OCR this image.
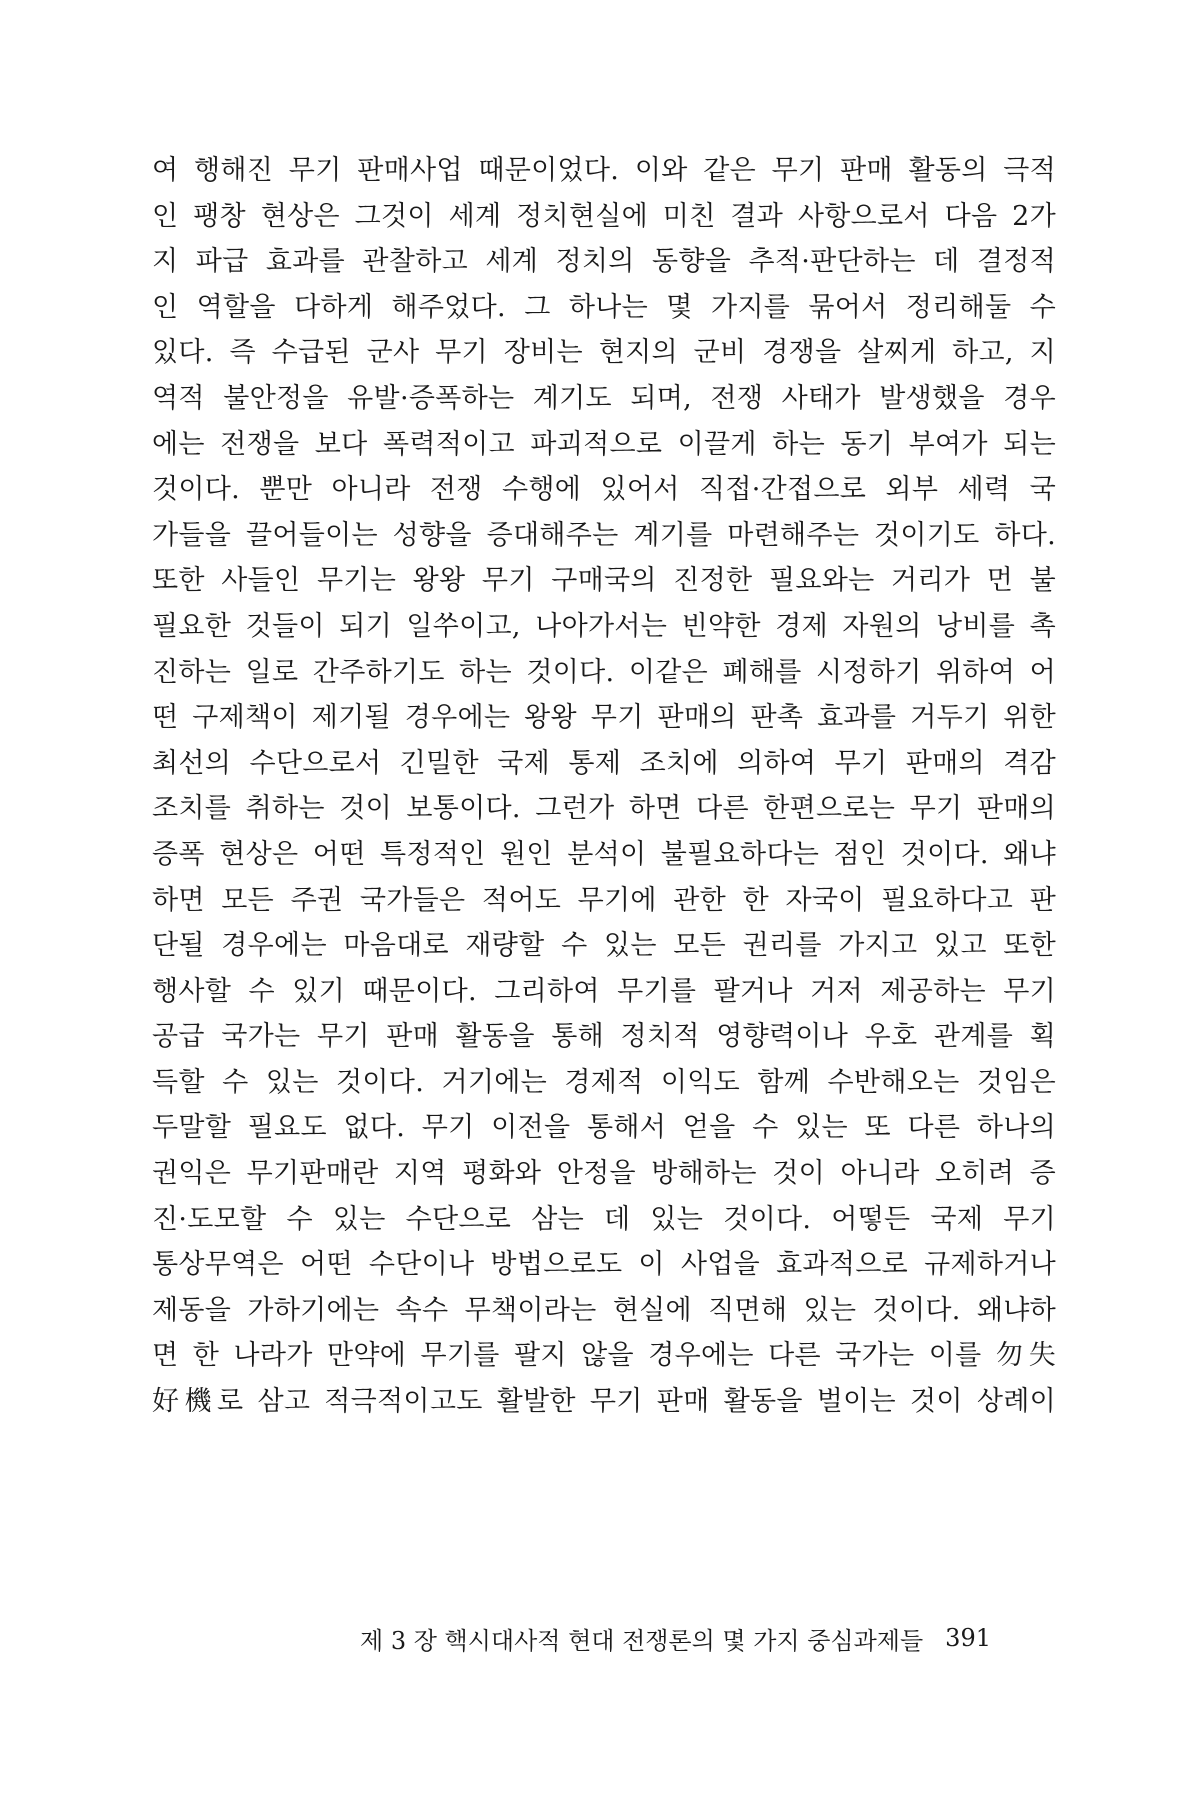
여 행해진 무기 판매사업 때문이었다. 이와 같은 무기 판매 활동의 극적
인 팽창 현상은 그것이 세계 정치현실에 미친 결과 사항으로서 다음 2가
지 파급 효과를 관찰하고 세계 정치의 동향을 추적·판단하는 데 결정적
인 역할을 다하게 해주었다. 그 하나는 몇 가지를 묶어서 정리해둘 수
있다. 즉 수급된 군사 무기 장비는 현지의 군비 경쟁을 살찌게 하고, 지
역적 불안정을 유발·증폭하는 계기도 되며, 전쟁 사태가 발생했을 경우
에는 전쟁을 보다 폭력적이고 파괴적으로 이끌게 하는 동기 부여가 되는
것이다. 뿐만 아니라 전쟁 수행에 있어서 직접·간접으로 외부 세력 국
가들을 끌어들이는 성향을 증대해주는 계기를 마련해주는 것이기도 하다.
또한 사들인 무기는 왕왕 무기 구매국의 진정한 필요와는 거리가 먼 불
필요한 것들이 되기 일쑤이고, 나아가서는 빈약한 경제 자원의 낭비를 촉
진하는 일로 간주하기도 하는 것이다. 이같은 폐해를 시정하기 위하여 어
떤 구제책이 제기될 경우에는 왕왕 무기 판매의 판촉 효과를 거두기 위한
최선의 수단으로서 긴밀한 국제 통제 조치에 의하여 무기 판매의 격감
조치를 취하는 것이 보통이다. 그런가 하면 다른 한편으로는 무기 판매의
증폭 현상은 어떤 특정적인 원인 분석이 불필요하다는 점인 것이다. 왜냐
하면 모든 주권 국가들은 적어도 무기에 관한 한 자국이 필요하다고 판
단될 경우에는 마음대로 재량할 수 있는 모든 권리를 가지고 있고 또한
행사할 수 있기 때문이다. 그리하여 무기를 팔거나 거저 제공하는 무기
공급 국가는 무기 판매 활동을 통해 정치적 영향력이나 우호 관계를 획
득할 수 있는 것이다. 거기에는 경제적 이익도 함께 수반해오는 것임은
두말할 필요도 없다. 무기 이전을 통해서 얻을 수 있는 또 다른 하나의
권익은 무기판매란 지역 평화와 안정을 방해하는 것이 아니라 오히려 증
진·도모할 수 있는 수단으로 삼는 데 있는 것이다. 어떻든 국제 무기
통상무역은 어떤 수단이나 방법으로도 이 사업을 효과적으로 규제하거나
제동을 가하기에는 속수 무책이라는 현실에 직면해 있는 것이다. 왜냐하
면 한 나라가 만약에 무기를 팔지 않을 경우에는 다른 국가는 이를 勿失
好機로 삼고 적극적이고도 활발한 무기 판매 활동을 벌이는 것이 상례이
제 3 장 핵시대사적 현대 전쟁론의 몇 가지 중심과제들 391
